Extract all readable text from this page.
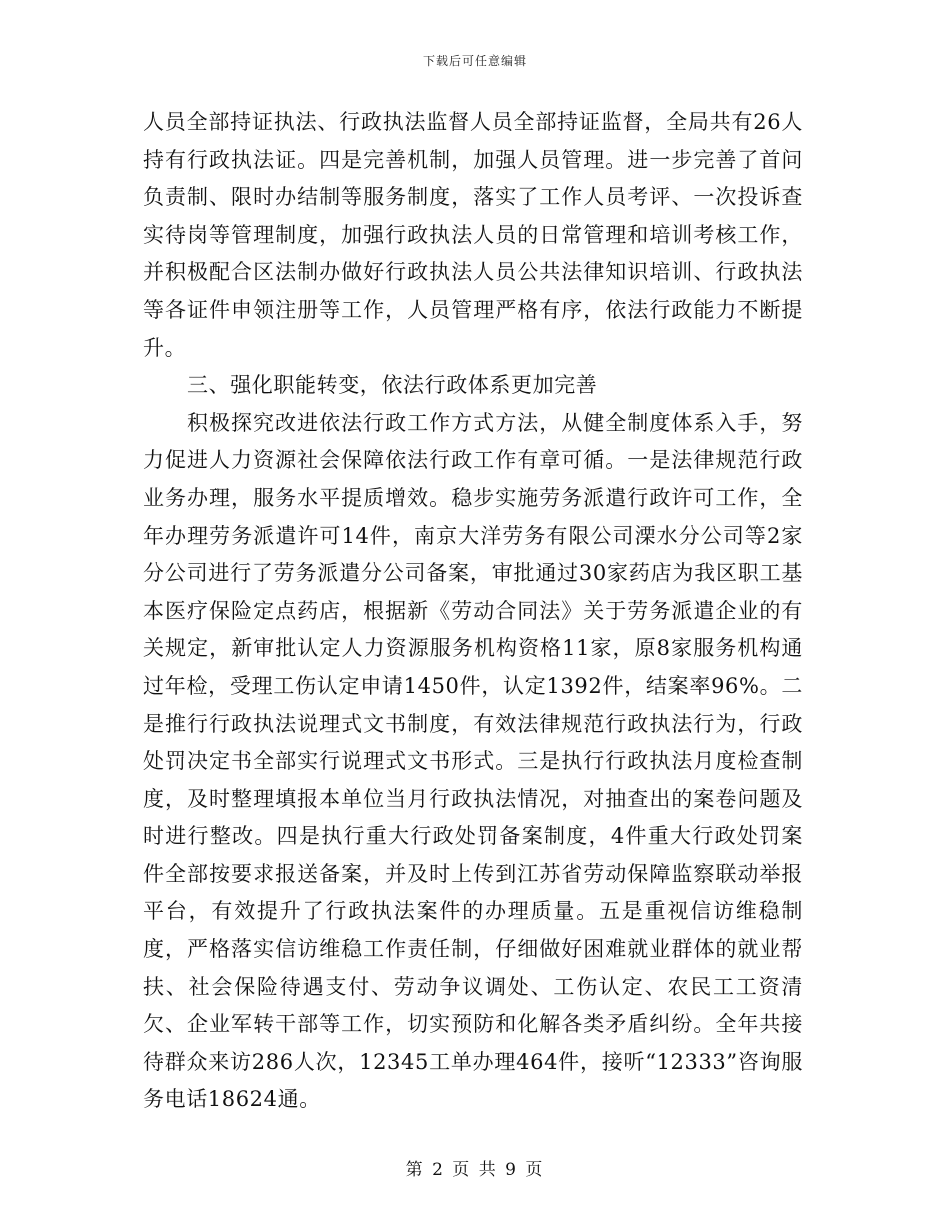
下载后可任意编辑

人员全部持证执法、行政执法监督人员全部持证监督，全局共有26人持有行政执法证。四是完善机制，加强人员管理。进一步完善了首问负责制、限时办结制等服务制度，落实了工作人员考评、一次投诉查实待岗等管理制度，加强行政执法人员的日常管理和培训考核工作，并积极配合区法制办做好行政执法人员公共法律知识培训、行政执法等各证件申领注册等工作，人员管理严格有序，依法行政能力不断提升。

三、强化职能转变，依法行政体系更加完善

积极探究改进依法行政工作方式方法，从健全制度体系入手，努力促进人力资源社会保障依法行政工作有章可循。一是法律规范行政业务办理，服务水平提质增效。稳步实施劳务派遣行政许可工作，全年办理劳务派遣许可14件，南京大洋劳务有限公司溧水分公司等2家分公司进行了劳务派遣分公司备案，审批通过30家药店为我区职工基本医疗保险定点药店，根据新《劳动合同法》关于劳务派遣企业的有关规定，新审批认定人力资源服务机构资格11家，原8家服务机构通过年检，受理工伤认定申请1450件，认定1392件，结案率96%。二是推行行政执法说理式文书制度，有效法律规范行政执法行为，行政处罚决定书全部实行说理式文书形式。三是执行行政执法月度检查制度，及时整理填报本单位当月行政执法情况，对抽查出的案卷问题及时进行整改。四是执行重大行政处罚备案制度，4件重大行政处罚案件全部按要求报送备案，并及时上传到江苏省劳动保障监察联动举报平台，有效提升了行政执法案件的办理质量。五是重视信访维稳制度，严格落实信访维稳工作责任制，仔细做好困难就业群体的就业帮扶、社会保险待遇支付、劳动争议调处、工伤认定、农民工工资清欠、企业军转干部等工作，切实预防和化解各类矛盾纠纷。全年共接待群众来访286人次，12345工单办理464件，接听“12333”咨询服务电话18624通。

第 2 页 共 9 页
